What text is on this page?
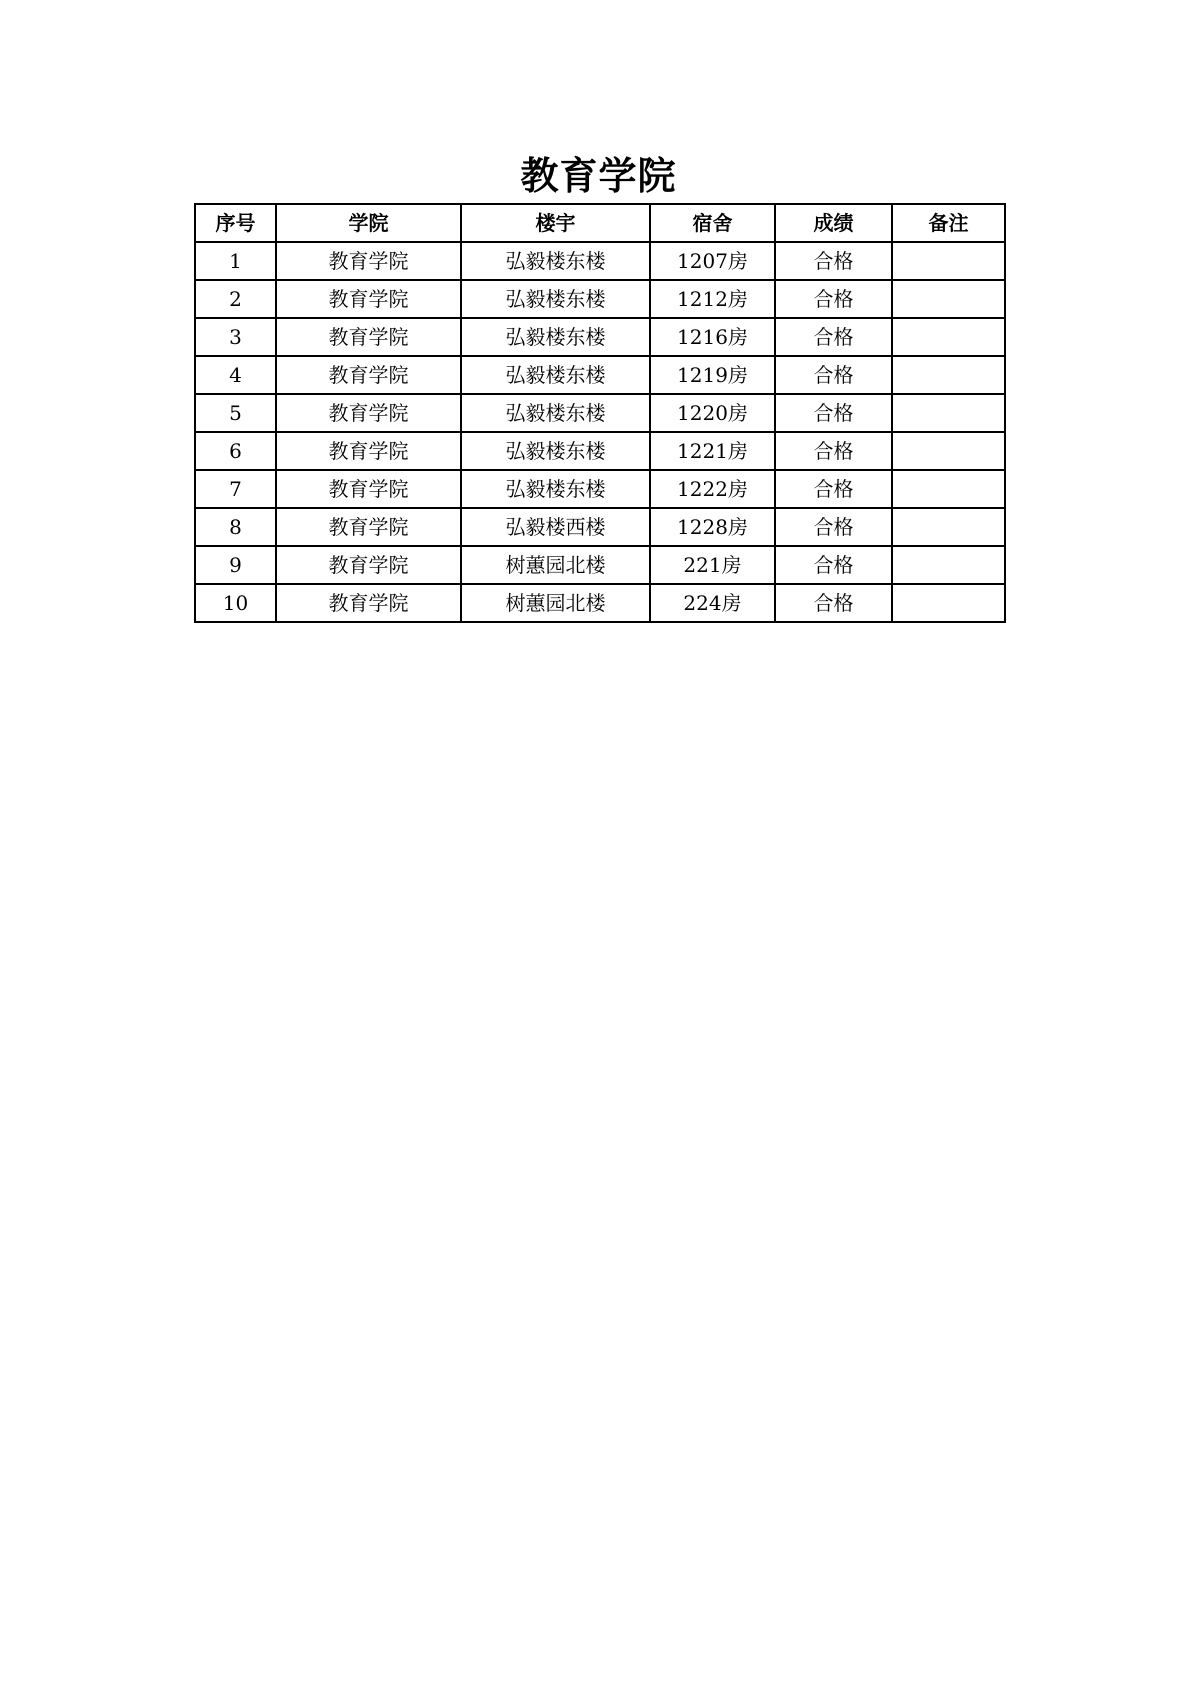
教育学院
序号	学院	楼宇	宿舍	成绩	备注
1	教育学院	弘毅楼东楼	1207房	合格	
2	教育学院	弘毅楼东楼	1212房	合格	
3	教育学院	弘毅楼东楼	1216房	合格	
4	教育学院	弘毅楼东楼	1219房	合格	
5	教育学院	弘毅楼东楼	1220房	合格	
6	教育学院	弘毅楼东楼	1221房	合格	
7	教育学院	弘毅楼东楼	1222房	合格	
8	教育学院	弘毅楼西楼	1228房	合格	
9	教育学院	树蕙园北楼	221房	合格	
10	教育学院	树蕙园北楼	224房	合格	
